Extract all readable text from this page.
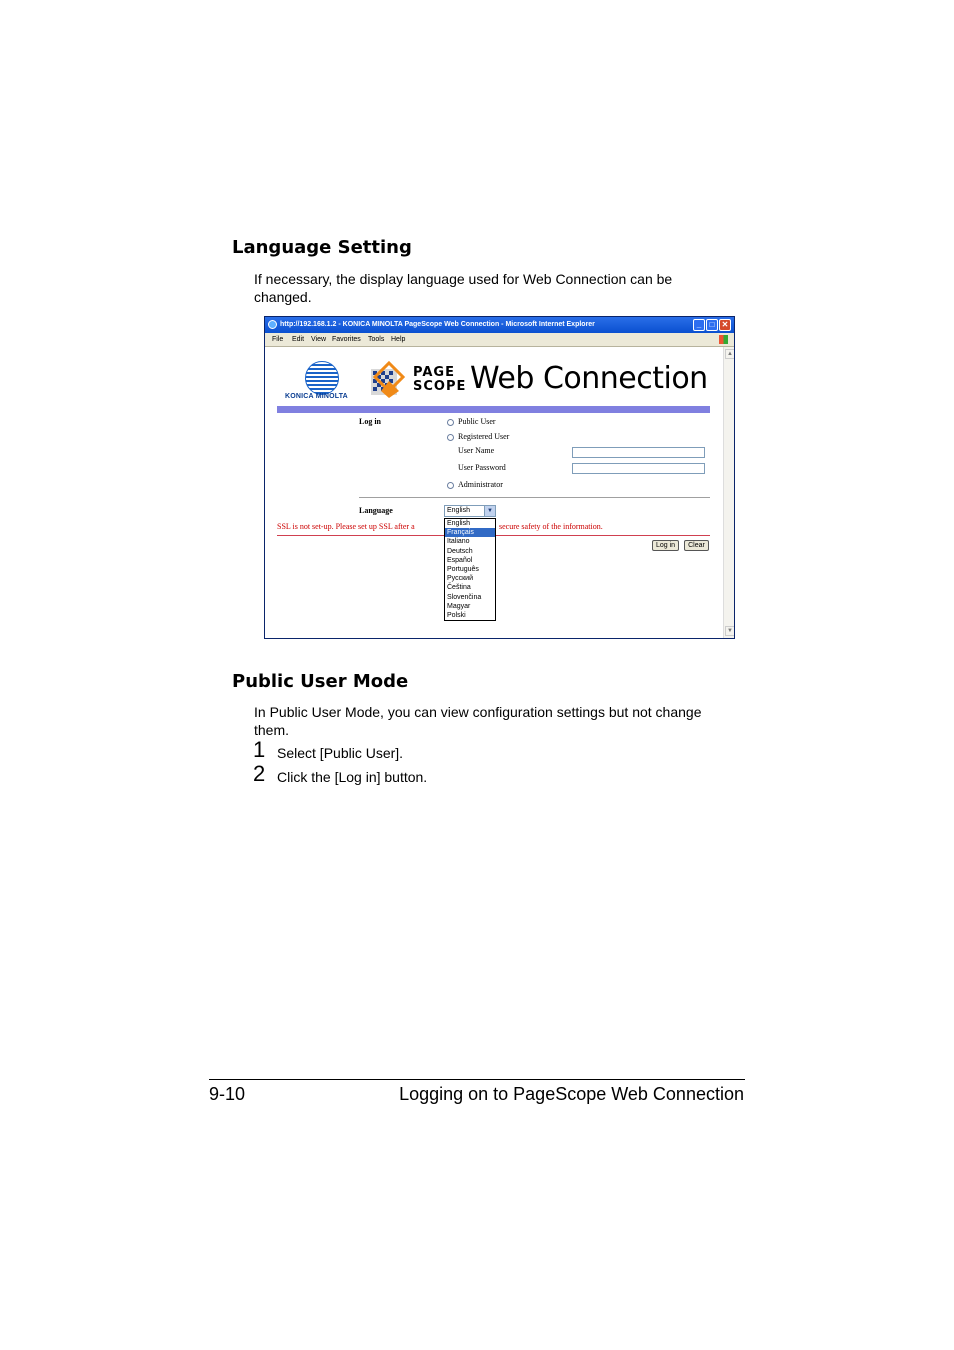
Language Setting

If necessary, the display language used for Web Connection can be

changed.

http://192.168.1.2 - KONICA MINOLTA PageScope Web Connection - Microsoft Internet Explorer	_	□ ✕
File Edit View Favorites Tools Help
▲
▼
KONICA MINOLTA
PAGE
SCOPE Web Connection
Log in	Public User
Registered User
User Name
User Password
Administrator
Language	English	▼
SSL is not set-up. Please set up SSL after a	secure safety of the information.
Log in	Clear
English
Français
Italiano
Deutsch
Español
Português
Русский
Čeština
Slovenčina
Magyar
Polski
Public User Mode

In Public User Mode, you can view configuration settings but not change

them.

1 Select [Public User].
2 Click the [Log in] button.
9-10	Logging on to PageScope Web Connection
